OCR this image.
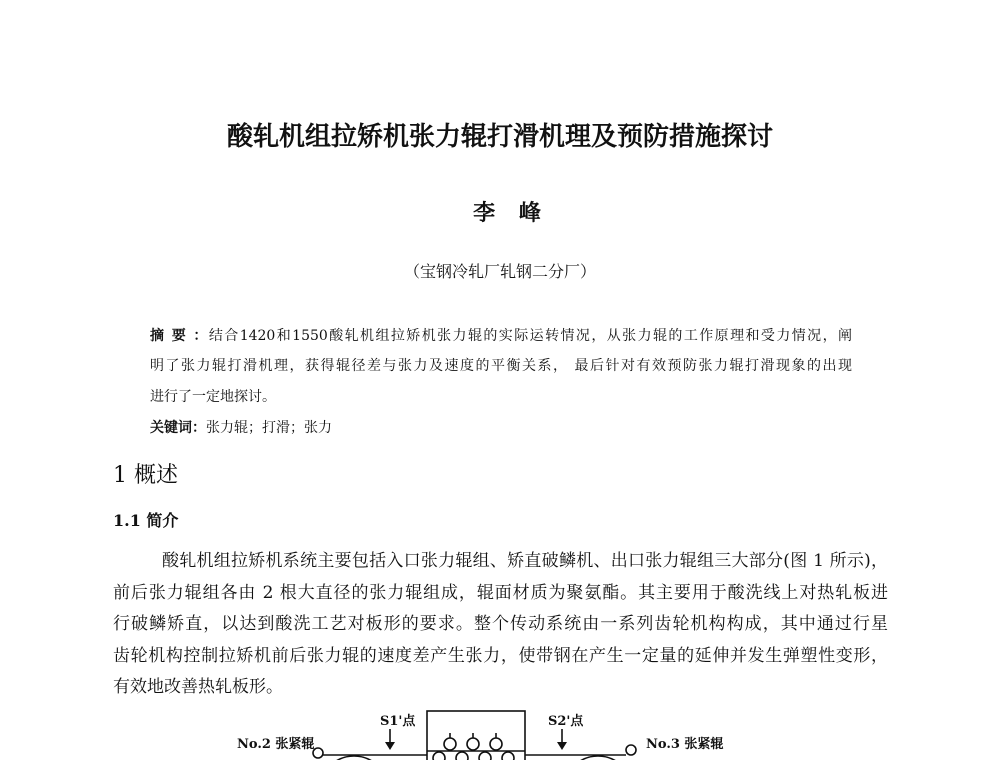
酸轧机组拉矫机张力辊打滑机理及预防措施探讨
李 峰
（宝钢冷轧厂轧钢二分厂）
摘 要 ：结合1420和1550酸轧机组拉矫机张力辊的实际运转情况，从张力辊的工作原理和受力情况，阐
明了张力辊打滑机理，获得辊径差与张力及速度的平衡关系， 最后针对有效预防张力辊打滑现象的出现
进行了一定地探讨。
关键词：张力辊；打滑；张力
1 概述
1.1 简介
酸轧机组拉矫机系统主要包括入口张力辊组、矫直破鳞机、出口张力辊组三大部分(图 1 所示)，
前后张力辊组各由 2 根大直径的张力辊组成，辊面材质为聚氨酯。其主要用于酸洗线上对热轧板进
行破鳞矫直，以达到酸洗工艺对板形的要求。整个传动系统由一系列齿轮机构构成，其中通过行星
齿轮机构控制拉矫机前后张力辊的速度差产生张力，使带钢在产生一定量的延伸并发生弹塑性变形，
有效地改善热轧板形。
S1'点	S2'点
No.2 张紧辊	No.3 张紧辊
